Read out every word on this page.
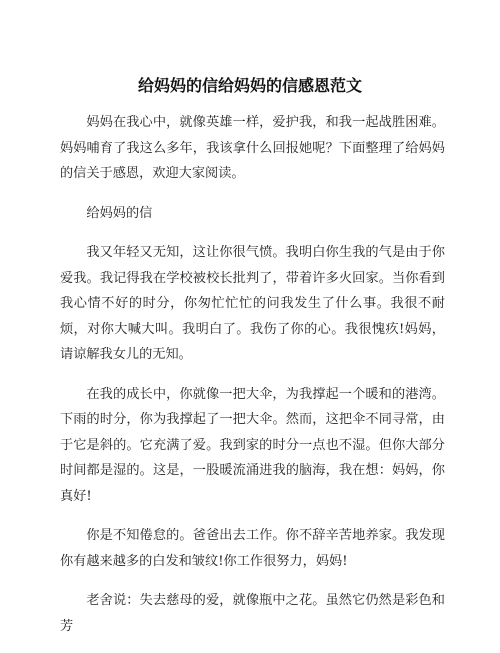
给妈妈的信给妈妈的信感恩范文

妈妈在我心中，就像英雄一样，爱护我，和我一起战胜困难。妈妈哺育了我这么多年，我该拿什么回报她呢？下面整理了给妈妈的信关于感恩，欢迎大家阅读。

给妈妈的信

我又年轻又无知，这让你很气愤。我明白你生我的气是由于你爱我。我记得我在学校被校长批判了，带着许多火回家。当你看到我心情不好的时分，你匆忙忙忙的问我发生了什么事。我很不耐烦，对你大喊大叫。我明白了。我伤了你的心。我很愧疚!妈妈，请谅解我女儿的无知。

在我的成长中，你就像一把大伞，为我撑起一个暖和的港湾。下雨的时分，你为我撑起了一把大伞。然而，这把伞不同寻常，由于它是斜的。它充满了爱。我到家的时分一点也不湿。但你大部分时间都是湿的。这是，一股暖流涌进我的脑海，我在想：妈妈，你真好!

你是不知倦怠的。爸爸出去工作。你不辞辛苦地养家。我发现你有越来越多的白发和皱纹!你工作很努力，妈妈!

老舍说：失去慈母的爱，就像瓶中之花。虽然它仍然是彩色和芳
